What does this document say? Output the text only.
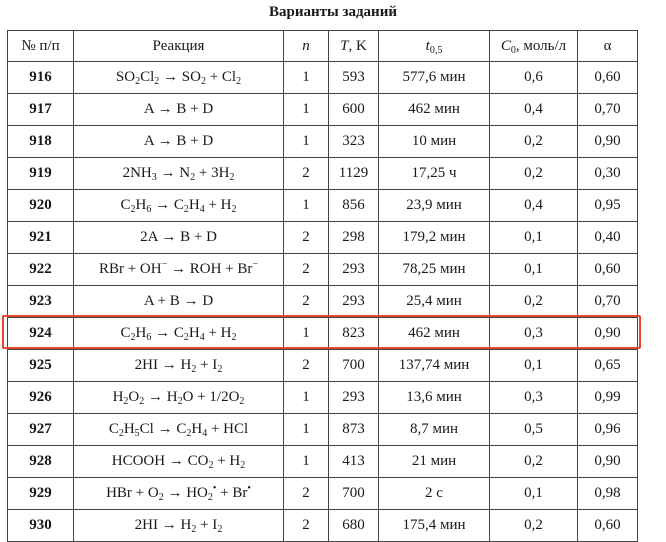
Варианты заданий
№ п/п	Реакция	n	T, K	$t_{0,5}$	$C_0$, моль/л	α
916	$SO_2Cl_2 \to SO_2 + Cl_2$	1	593	577,6 мин	0,6	0,60
917	A → B + D	1	600	462 мин	0,4	0,70
918	A → B + D	1	323	10 мин	0,2	0,90
919	$2NH_3 \to N_2 + 3H_2$	2	1129	17,25 ч	0,2	0,30
920	$C_2H_6 \to C_2H_4 + H_2$	1	856	23,9 мин	0,4	0,95
921	2A → B + D	2	298	179,2 мин	0,1	0,40
922	RBr + OH− → ROH + Br−	2	293	78,25 мин	0,1	0,60
923	A + B → D	2	293	25,4 мин	0,2	0,70
924	$C_2H_6 \to C_2H_4 + H_2$	1	823	462 мин	0,3	0,90
925	$2HI \to H_2 + I_2$	2	700	137,74 мин	0,1	0,65
926	$H_2O_2 \to H_2O + 1/2O_2$	1	293	13,6 мин	0,3	0,99
927	$C_2H_5Cl \to C_2H_4$ + HCl	1	873	8,7 мин	0,5	0,96
928	HCOOH → $CO_2 + H_2$	1	413	21 мин	0,2	0,90
929	HBr + $O_2 \to HO_2^• + Br^•$	2	700	2 с	0,1	0,98
930	$2HI \to H_2 + I_2$	2	680	175,4 мин	0,2	0,60
